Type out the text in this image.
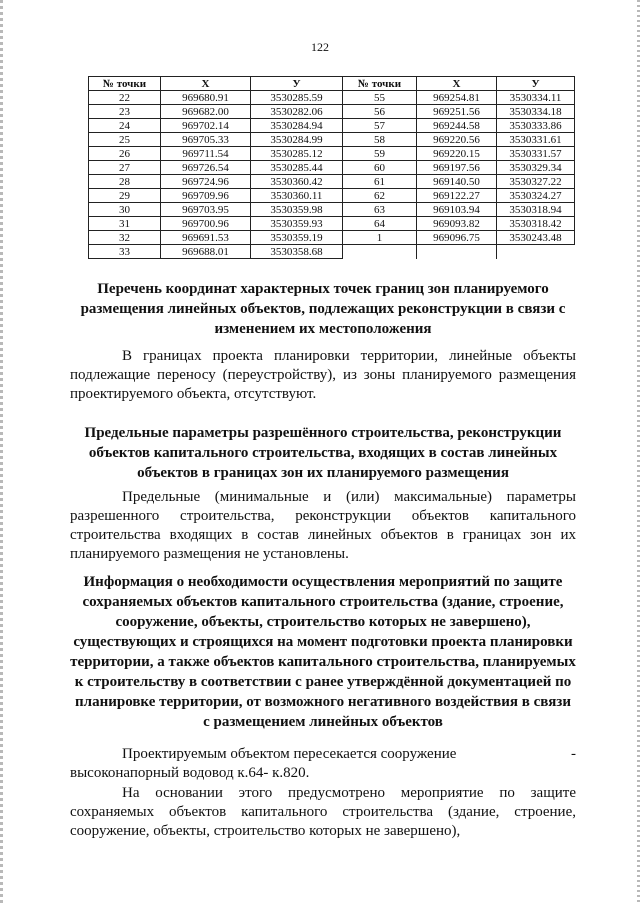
122
№ точки	X	У	№ точки	X	У
22	969680.91	3530285.59	55	969254.81	3530334.11
23	969682.00	3530282.06	56	969251.56	3530334.18
24	969702.14	3530284.94	57	969244.58	3530333.86
25	969705.33	3530284.99	58	969220.56	3530331.61
26	969711.54	3530285.12	59	969220.15	3530331.57
27	969726.54	3530285.44	60	969197.56	3530329.34
28	969724.96	3530360.42	61	969140.50	3530327.22
29	969709.96	3530360.11	62	969122.27	3530324.27
30	969703.95	3530359.98	63	969103.94	3530318.94
31	969700.96	3530359.93	64	969093.82	3530318.42
32	969691.53	3530359.19	1	969096.75	3530243.48
33	969688.01	3530358.68			
Перечень координат характерных точек границ зон планируемого размещения линейных объектов, подлежащих реконструкции в связи с изменением их местоположения

В границах проекта планировки территории, линейные объекты подлежащие переносу (переустройству), из зоны планируемого размещения проектируемого объекта, отсутствуют.

Предельные параметры разрешённого строительства, реконструкции объектов капитального строительства, входящих в состав линейных объектов в границах зон их планируемого размещения

Предельные (минимальные и (или) максимальные) параметры разрешенного строительства, реконструкции объектов капитального строительства входящих в состав линейных объектов в границах зон их планируемого размещения не установлены.

Информация о необходимости осуществления мероприятий по защите сохраняемых объектов капитального строительства (здание, строение, сооружение, объекты, строительство которых не завершено), существующих и строящихся на момент подготовки проекта планировки территории, а также объектов капитального строительства, планируемых к строительству в соответствии с ранее утверждённой документацией по планировке территории, от возможного негативного воздействия в связи с размещением линейных объектов

Проектируемым объектом пересекается сооружение	-

высоконапорный водовод к.64- к.820.

На основании этого предусмотрено мероприятие по защите сохраняемых объектов капитального строительства (здание, строение, сооружение, объекты, строительство которых не завершено),
